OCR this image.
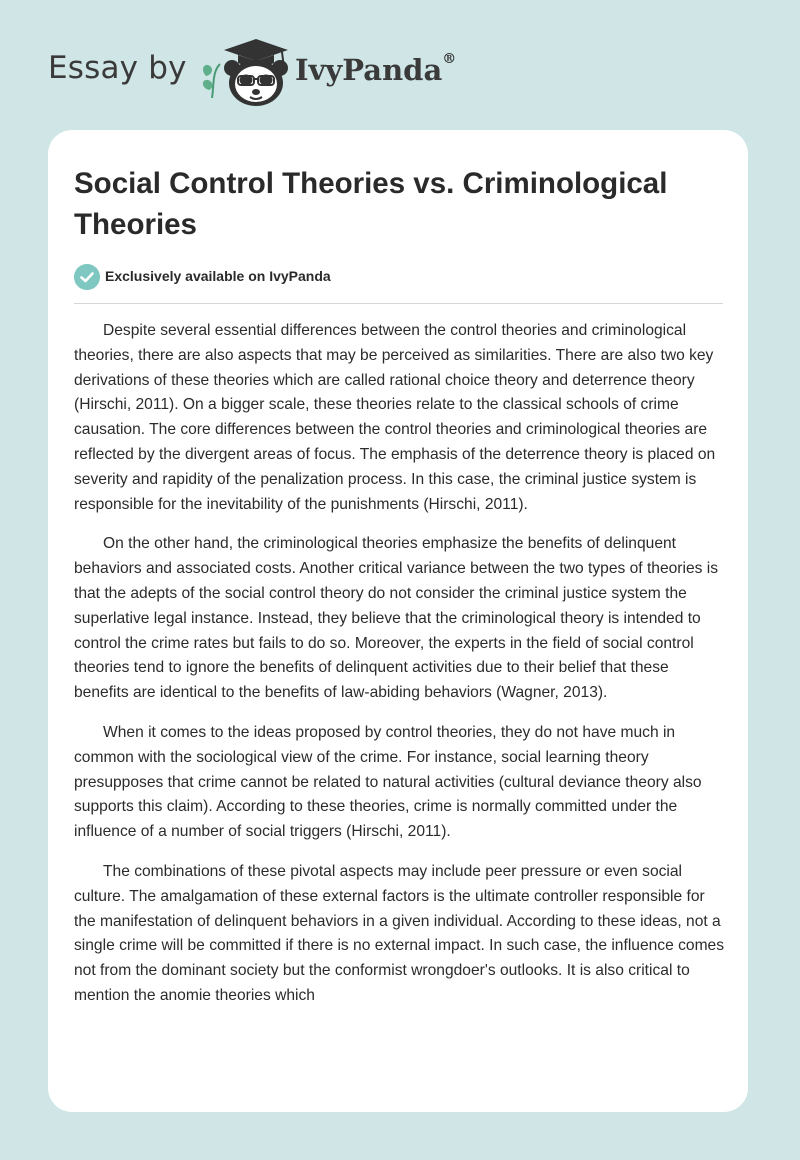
Essay by	IvyPanda®
Social Control Theories vs. Criminological Theories
Exclusively available on IvyPanda

Despite several essential differences between the control theories and criminological theories, there are also aspects that may be perceived as similarities. There are also two key derivations of these theories which are called rational choice theory and deterrence theory (Hirschi, 2011). On a bigger scale, these theories relate to the classical schools of crime causation. The core differences between the control theories and criminological theories are reflected by the divergent areas of focus. The emphasis of the deterrence theory is placed on severity and rapidity of the penalization process. In this case, the criminal justice system is responsible for the inevitability of the punishments (Hirschi, 2011).

On the other hand, the criminological theories emphasize the benefits of delinquent behaviors and associated costs. Another critical variance between the two types of theories is that the adepts of the social control theory do not consider the criminal justice system the superlative legal instance. Instead, they believe that the criminological theory is intended to control the crime rates but fails to do so. Moreover, the experts in the field of social control theories tend to ignore the benefits of delinquent activities due to their belief that these benefits are identical to the benefits of law-abiding behaviors (Wagner, 2013).

When it comes to the ideas proposed by control theories, they do not have much in common with the sociological view of the crime. For instance, social learning theory presupposes that crime cannot be related to natural activities (cultural deviance theory also supports this claim). According to these theories, crime is normally committed under the influence of a number of social triggers (Hirschi, 2011).

The combinations of these pivotal aspects may include peer pressure or even social culture. The amalgamation of these external factors is the ultimate controller responsible for the manifestation of delinquent behaviors in a given individual. According to these ideas, not a single crime will be committed if there is no external impact. In such case, the influence comes not from the dominant society but the conformist wrongdoer's outlooks. It is also critical to mention the anomie theories which
